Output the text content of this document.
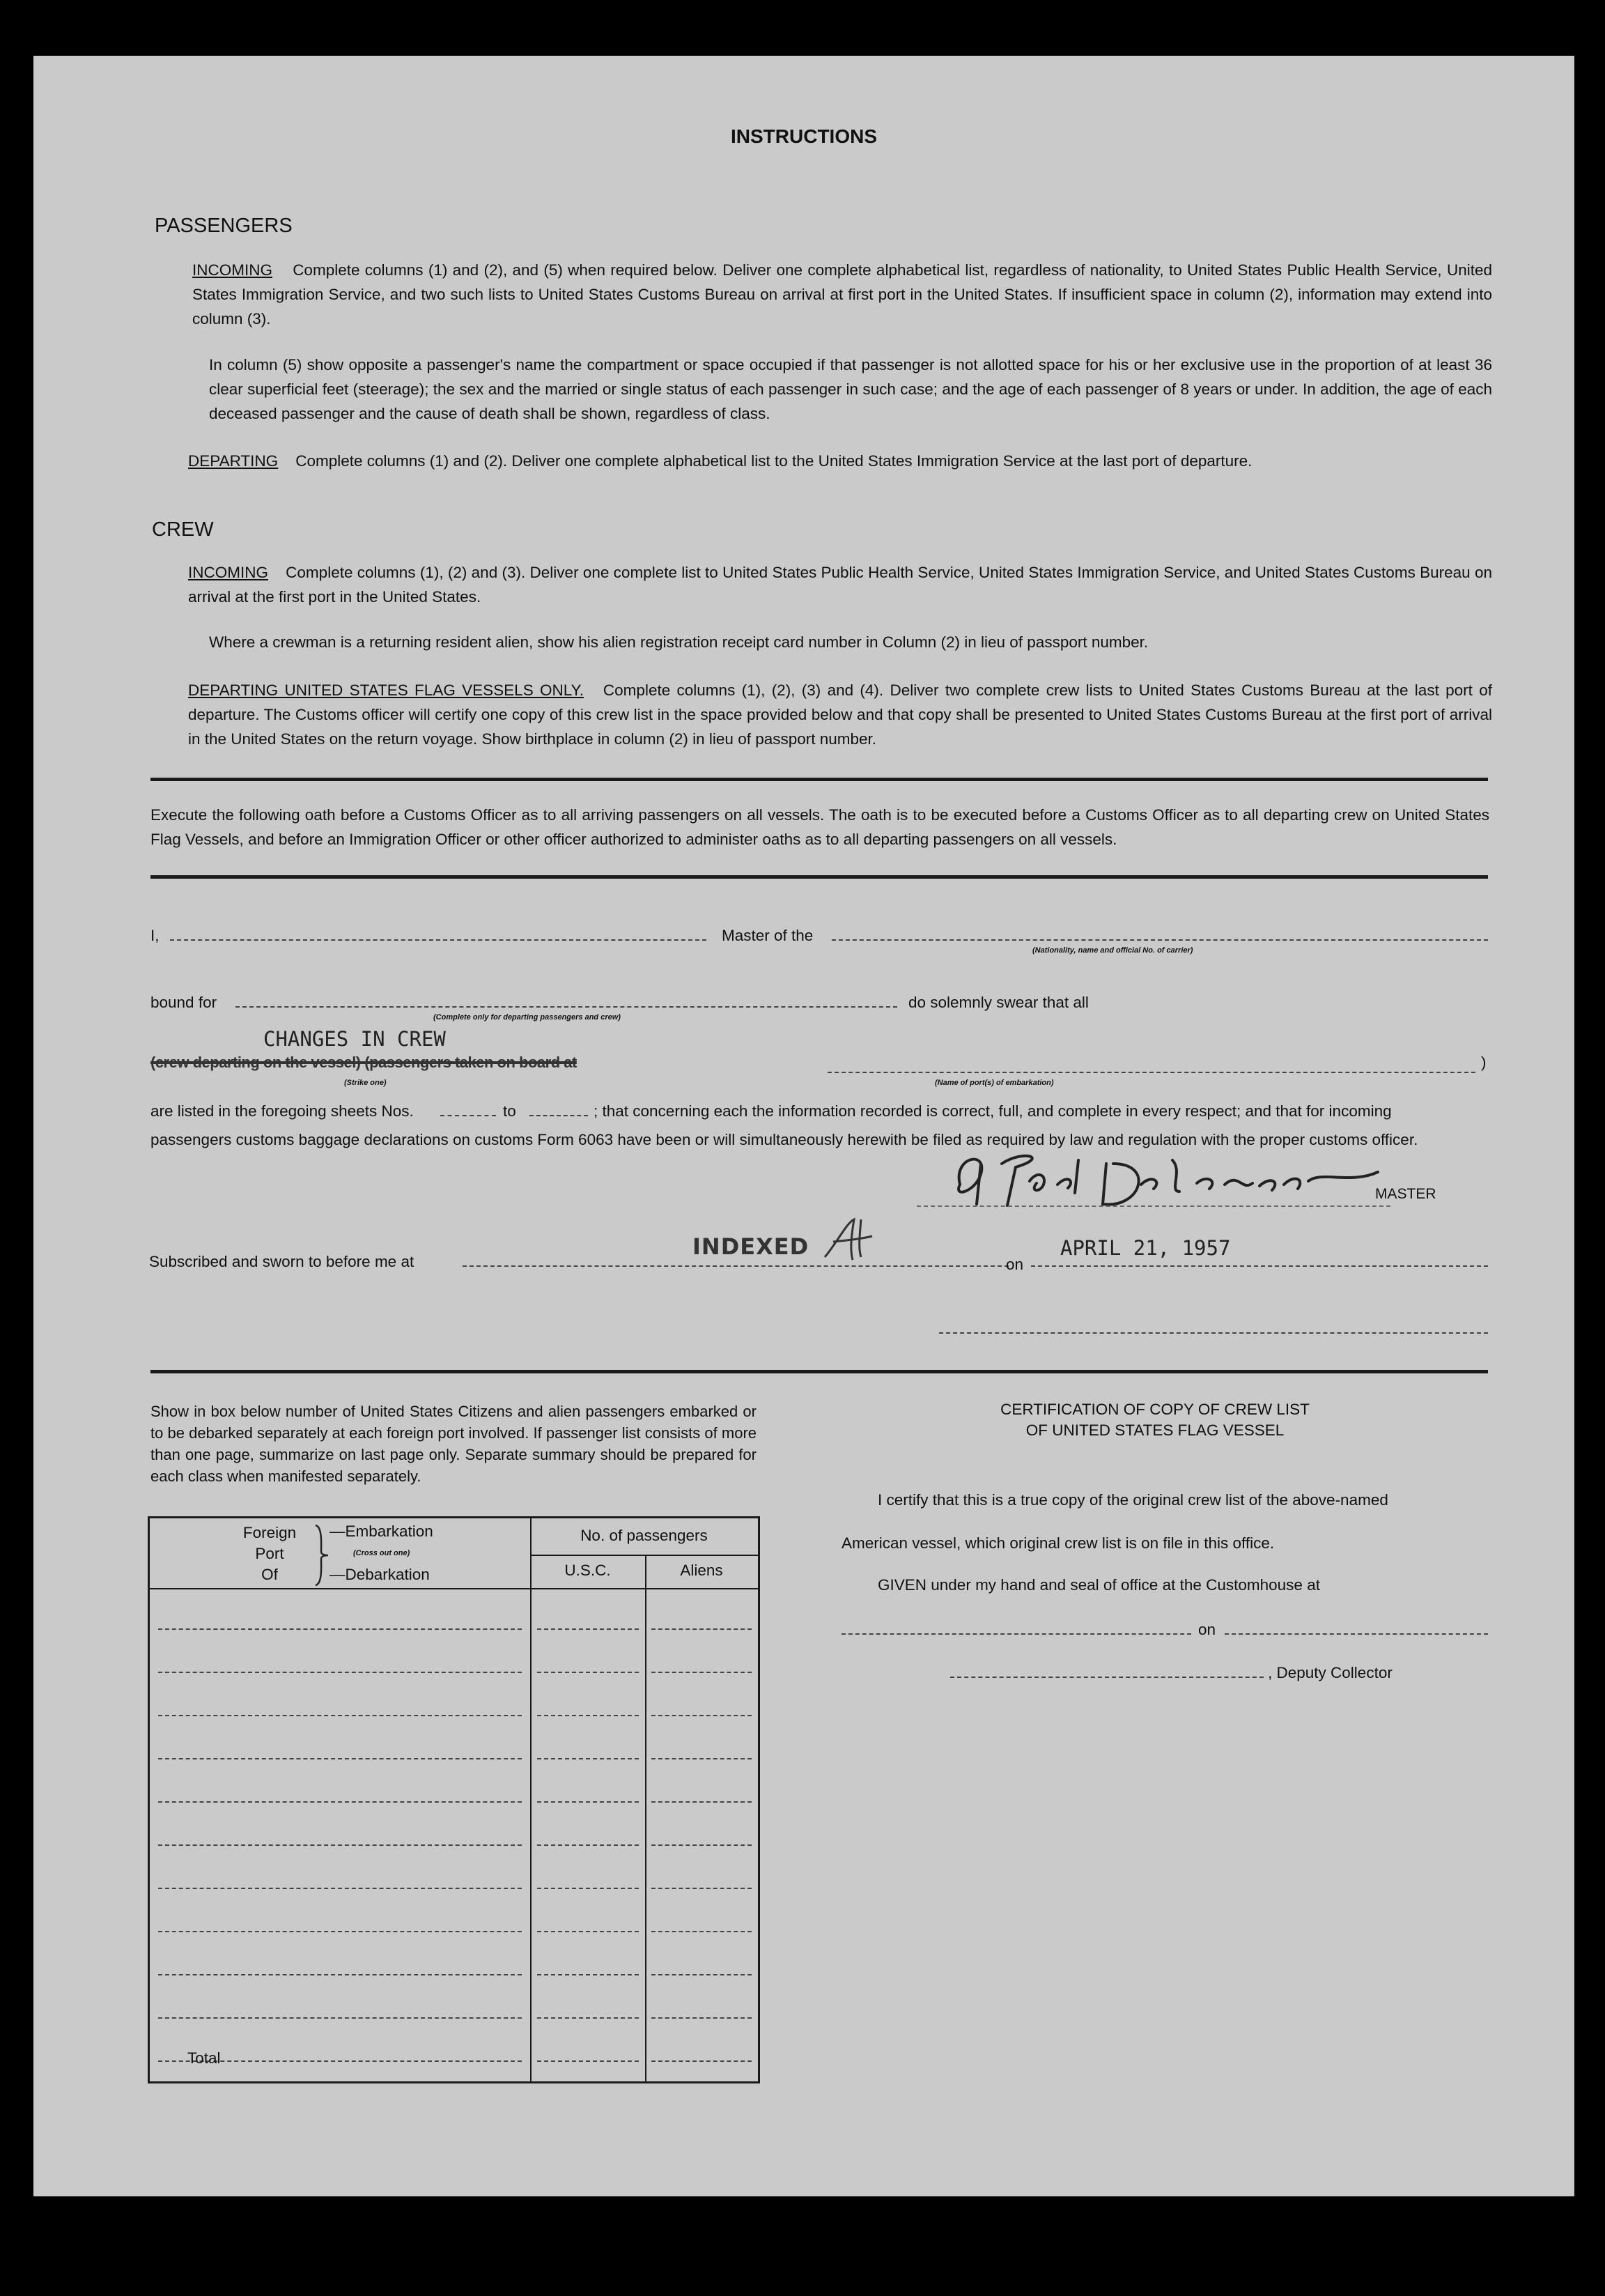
INSTRUCTIONS
PASSENGERS
INCOMING Complete columns (1) and (2), and (5) when required below. Deliver one complete alphabetical list, regardless of nationality, to United States Public Health Service, United States Immigration Service, and two such lists to United States Customs Bureau on arrival at first port in the United States. If insufficient space in column (2), information may extend into column (3).
In column (5) show opposite a passenger's name the compartment or space occupied if that passenger is not allotted space for his or her exclusive use in the proportion of at least 36 clear superficial feet (steerage); the sex and the married or single status of each passenger in such case; and the age of each passenger of 8 years or under. In addition, the age of each deceased passenger and the cause of death shall be shown, regardless of class.
DEPARTING Complete columns (1) and (2). Deliver one complete alphabetical list to the United States Immigration Service at the last port of departure.
CREW
INCOMING Complete columns (1), (2) and (3). Deliver one complete list to United States Public Health Service, United States Immigration Service, and United States Customs Bureau on arrival at the first port in the United States.
Where a crewman is a returning resident alien, show his alien registration receipt card number in Column (2) in lieu of passport number.
DEPARTING UNITED STATES FLAG VESSELS ONLY. Complete columns (1), (2), (3) and (4). Deliver two complete crew lists to United States Customs Bureau at the last port of departure. The Customs officer will certify one copy of this crew list in the space provided below and that copy shall be presented to United States Customs Bureau at the first port of arrival in the United States on the return voyage. Show birthplace in column (2) in lieu of passport number.
Execute the following oath before a Customs Officer as to all arriving passengers on all vessels. The oath is to be executed before a Customs Officer as to all departing crew on United States Flag Vessels, and before an Immigration Officer or other officer authorized to administer oaths as to all departing passengers on all vessels.
I,	Master of the
(Nationality, name and official No. of carrier)
bound for
(Complete only for departing passengers and crew)
do solemnly swear that all
CHANGES IN CREW
(crew departing on the vessel) (passengers taken on board at	)
(Strike one)	(Name of port(s) of embarkation)
are listed in the foregoing sheets Nos.	to	; that concerning each the information recorded is correct, full, and complete in every respect; and that for incoming
passengers customs baggage declarations on customs Form 6063 have been or will simultaneously herewith be filed as required by law and regulation with the proper customs officer.
MASTER
Subscribed and sworn to before me at
INDEXED
on
APRIL 21, 1957
Show in box below number of United States Citizens and alien passengers embarked or to be debarked separately at each foreign port involved. If passenger list consists of more than one page, summarize on last page only. Separate summary should be prepared for each class when manifested separately.
CERTIFICATION OF COPY OF CREW LIST
OF UNITED STATES FLAG VESSEL
I certify that this is a true copy of the original crew list of the above-named
American vessel, which original crew list is on file in this office.
GIVEN under my hand and seal of office at the Customhouse at
on
, Deputy Collector
Foreign
Port
Of
—Embarkation
(Cross out one)
—Debarkation
No. of passengers
U.S.C.	Aliens
Total
